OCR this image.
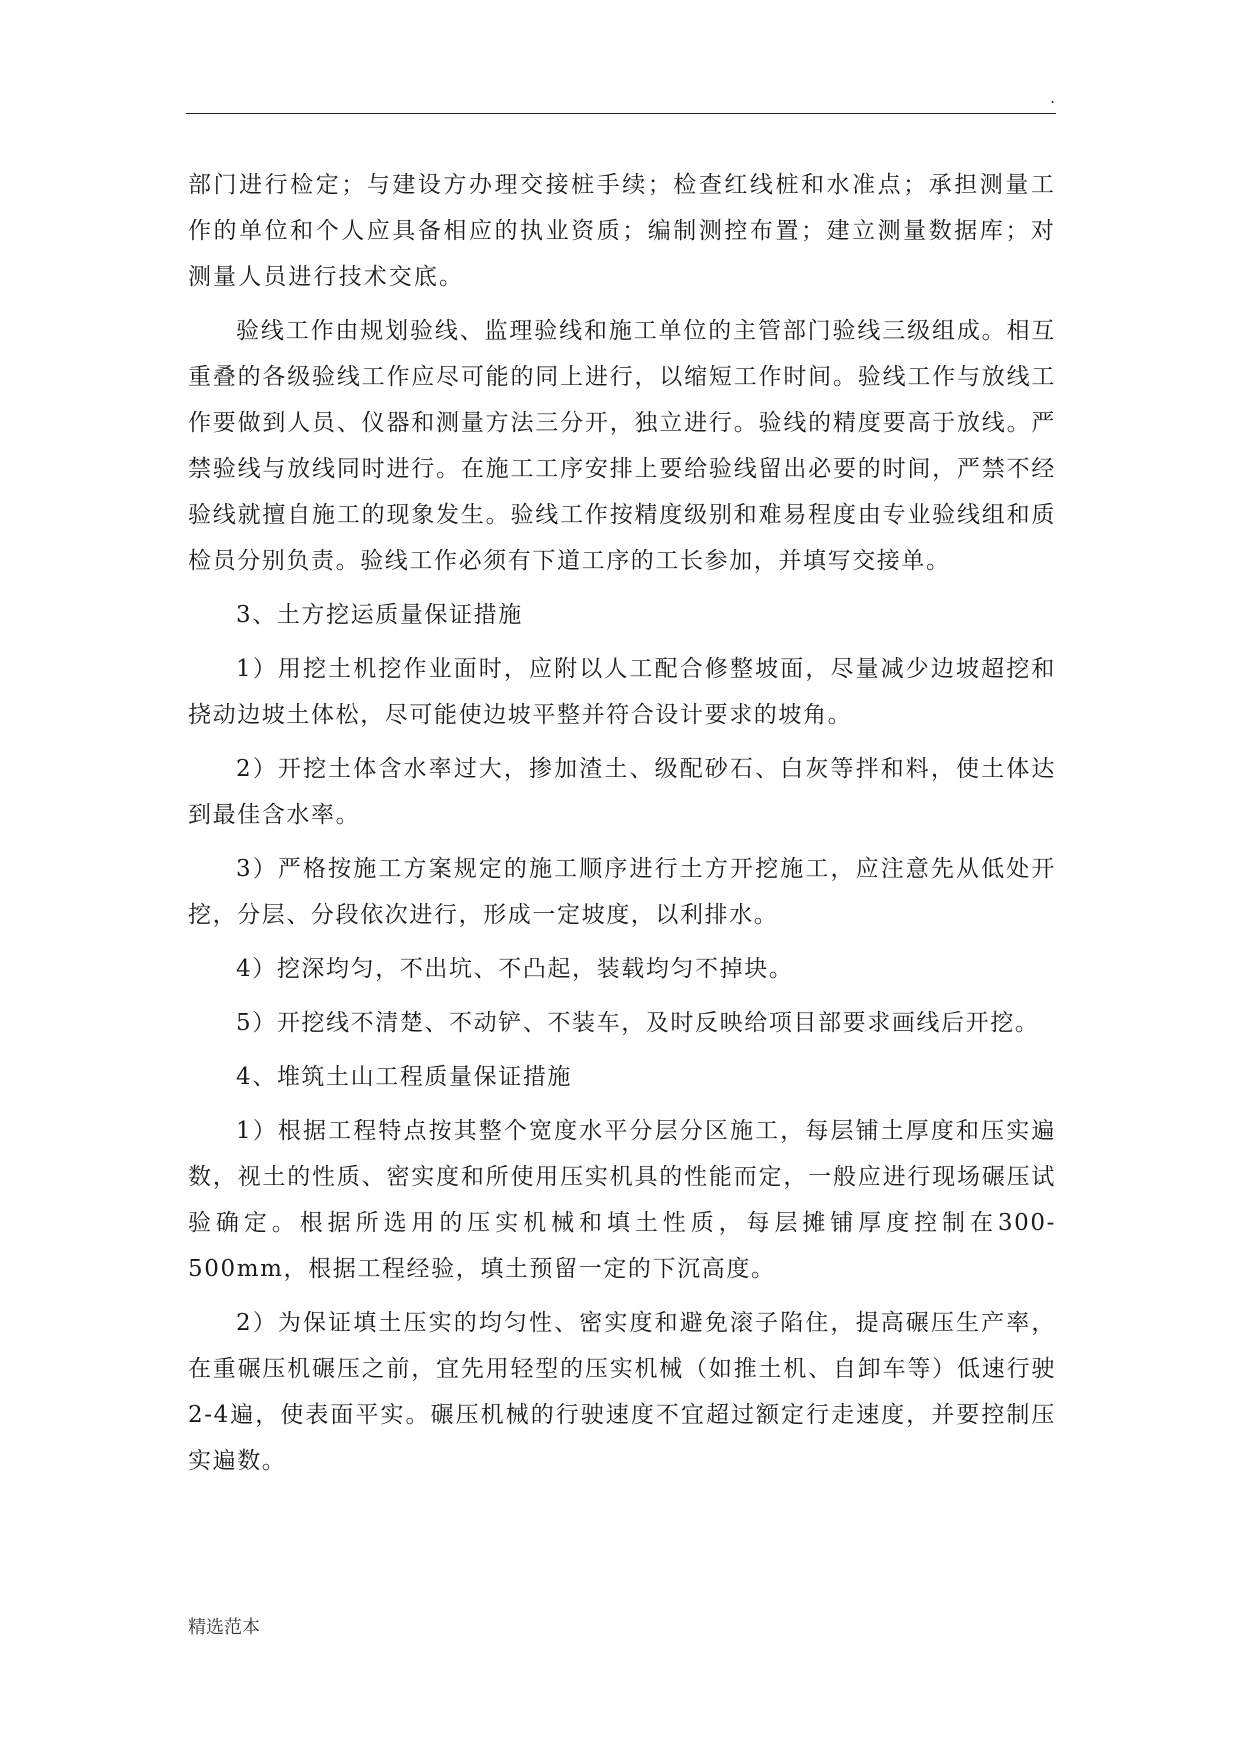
.

部门进行检定；与建设方办理交接桩手续；检查红线桩和水准点；承担测量工作的单位和个人应具备相应的执业资质；编制测控布置；建立测量数据库；对测量人员进行技术交底。

验线工作由规划验线、监理验线和施工单位的主管部门验线三级组成。相互重叠的各级验线工作应尽可能的同上进行，以缩短工作时间。验线工作与放线工作要做到人员、仪器和测量方法三分开，独立进行。验线的精度要高于放线。严禁验线与放线同时进行。在施工工序安排上要给验线留出必要的时间，严禁不经验线就擅自施工的现象发生。验线工作按精度级别和难易程度由专业验线组和质检员分别负责。验线工作必须有下道工序的工长参加，并填写交接单。

3、土方挖运质量保证措施

1）用挖土机挖作业面时，应附以人工配合修整坡面，尽量减少边坡超挖和挠动边坡土体松，尽可能使边坡平整并符合设计要求的坡角。

2）开挖土体含水率过大，掺加渣土、级配砂石、白灰等拌和料，使土体达到最佳含水率。

3）严格按施工方案规定的施工顺序进行土方开挖施工，应注意先从低处开挖，分层、分段依次进行，形成一定坡度，以利排水。

4）挖深均匀，不出坑、不凸起，装载均匀不掉块。

5）开挖线不清楚、不动铲、不装车，及时反映给项目部要求画线后开挖。

4、堆筑土山工程质量保证措施

1）根据工程特点按其整个宽度水平分层分区施工，每层铺土厚度和压实遍数，视土的性质、密实度和所使用压实机具的性能而定，一般应进行现场碾压试验确定。根据所选用的压实机械和填土性质，每层摊铺厚度控制在300-500mm，根据工程经验，填土预留一定的下沉高度。

2）为保证填土压实的均匀性、密实度和避免滚子陷住，提高碾压生产率，在重碾压机碾压之前，宜先用轻型的压实机械（如推土机、自卸车等）低速行驶2-4遍，使表面平实。碾压机械的行驶速度不宜超过额定行走速度，并要控制压实遍数。

精选范本
